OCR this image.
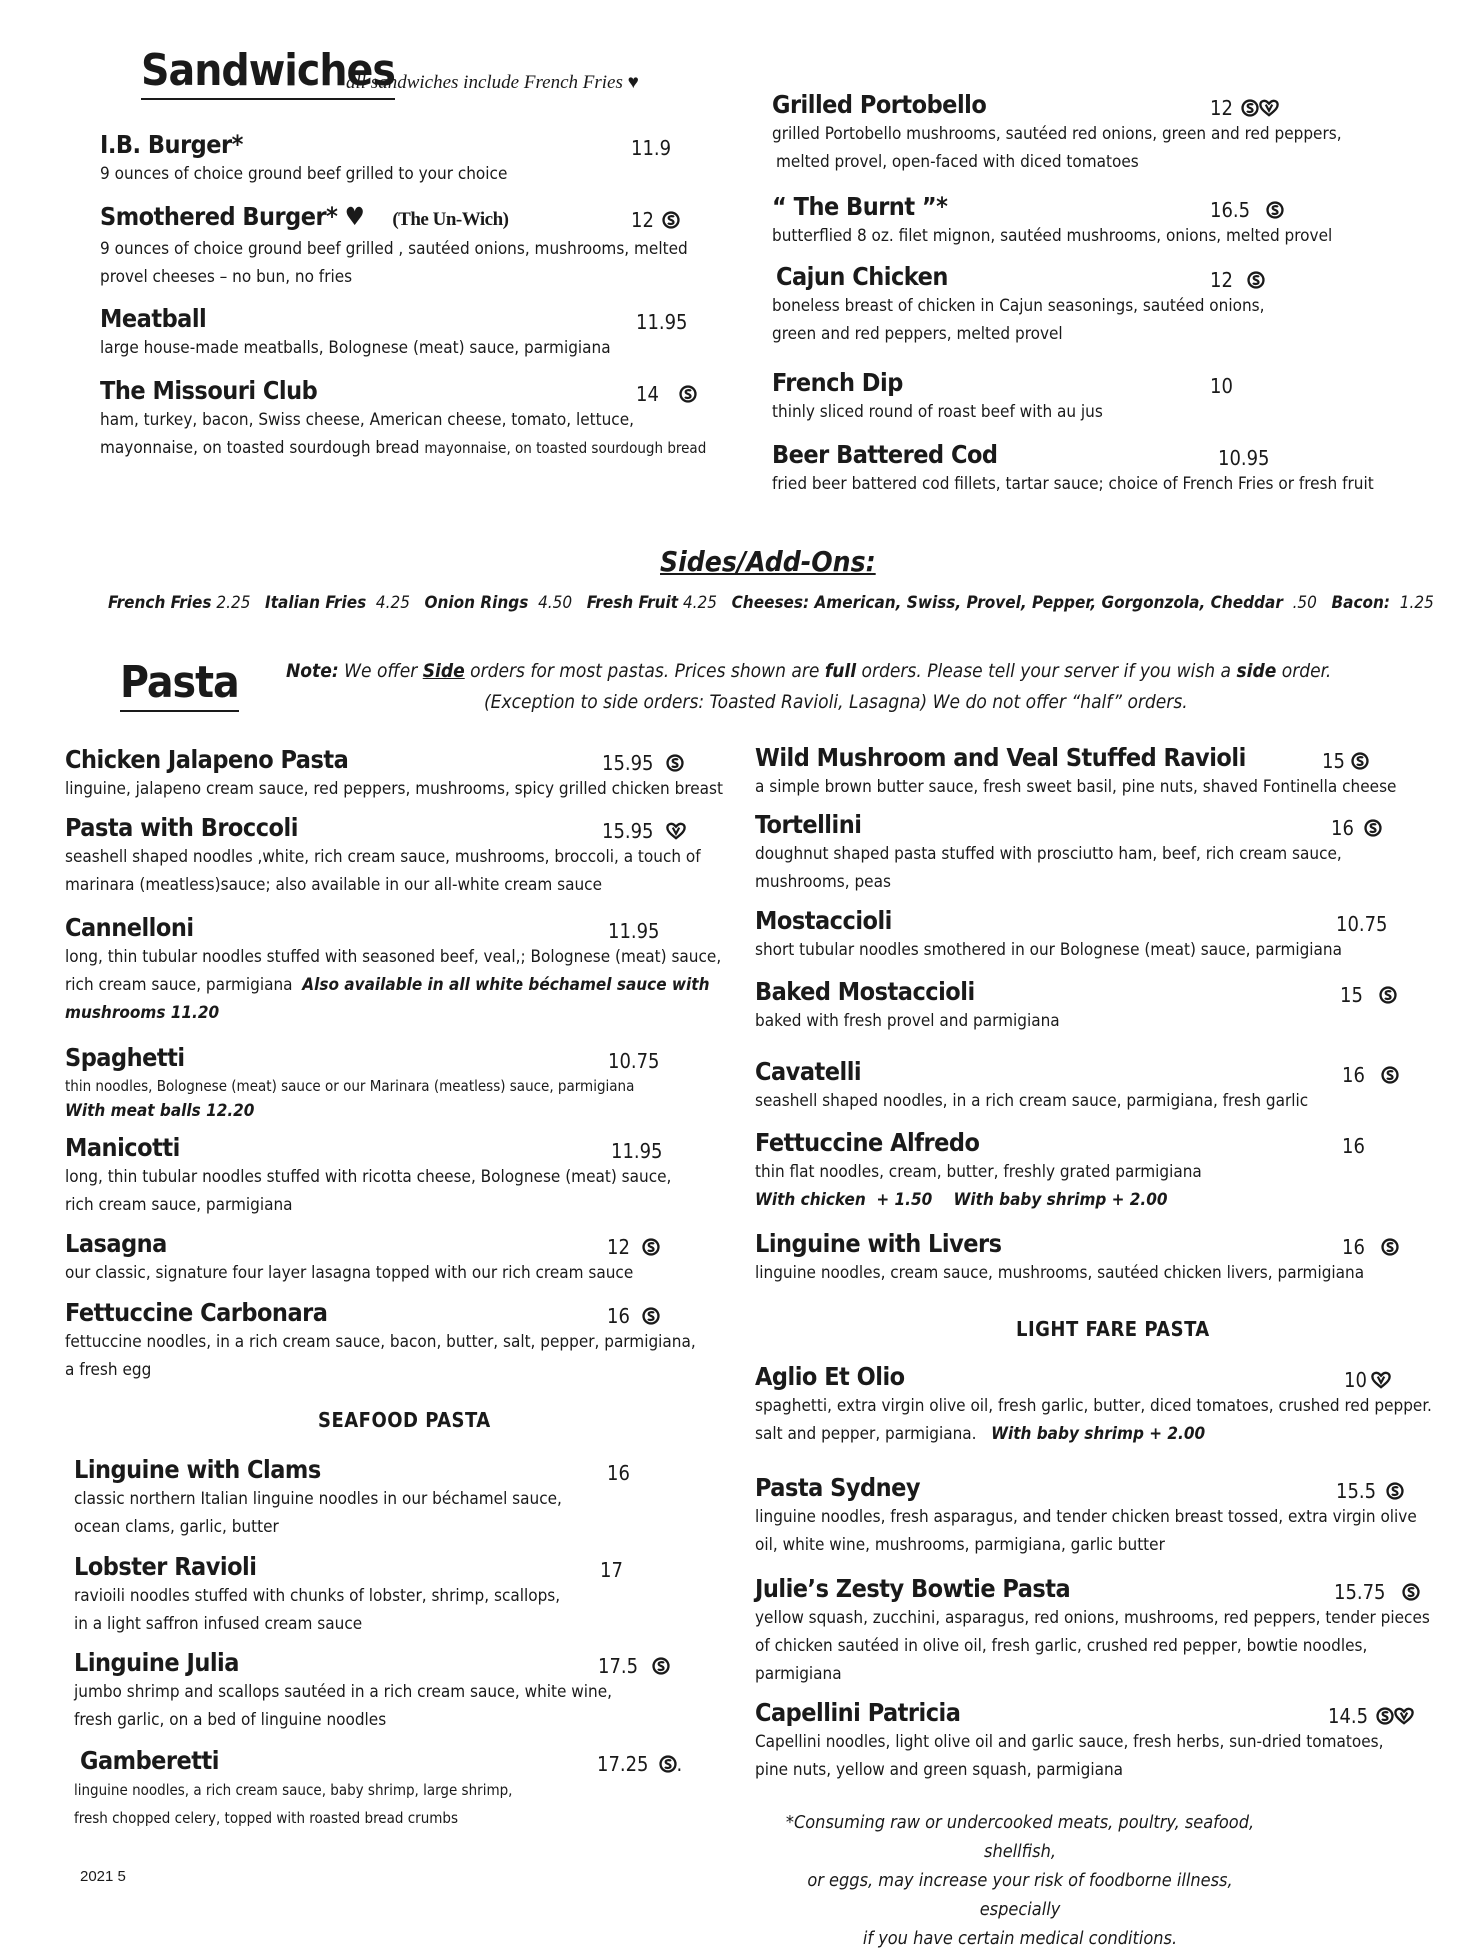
Sandwiches
all sandwiches include French Fries ♥
I.B. Burger*
9 ounces of choice ground beef grilled to your choice
11.9
Smothered Burger* ♥ (The Un-Wich)
9 ounces of choice ground beef grilled , sautéed onions, mushrooms, melted
provel cheeses – no bun, no fries
12
Meatball
large house-made meatballs, Bolognese (meat) sauce, parmigiana
11.95
The Missouri Club
ham, turkey, bacon, Swiss cheese, American cheese, tomato, lettuce,
mayonnaise, on toasted sourdough bread mayonnaise, on toasted sourdough bread
14
Grilled Portobello
grilled Portobello mushrooms, sautéed red onions, green and red peppers,
melted provel, open-faced with diced tomatoes
12
“ The Burnt ”*
butterflied 8 oz. filet mignon, sautéed mushrooms, onions, melted provel
16.5
Cajun Chicken
boneless breast of chicken in Cajun seasonings, sautéed onions,
green and red peppers, melted provel
12
French Dip
thinly sliced round of roast beef with au jus
10
Beer Battered Cod
fried beer battered cod fillets, tartar sauce; choice of French Fries or fresh fruit
10.95
Sides/Add-Ons:
French Fries 2.25 Italian Fries 4.25 Onion Rings 4.50 Fresh Fruit 4.25 Cheeses: American, Swiss, Provel, Pepper, Gorgonzola, Cheddar .50 Bacon: 1.25
Pasta Note: We offer Side orders for most pastas. Prices shown are full orders. Please tell your server if you wish a side order.
(Exception to side orders: Toasted Ravioli, Lasagna) We do not offer “half” orders.
Chicken Jalapeno Pasta
linguine, jalapeno cream sauce, red peppers, mushrooms, spicy grilled chicken breast
15.95
Pasta with Broccoli
seashell shaped noodles ,white, rich cream sauce, mushrooms, broccoli, a touch of
marinara (meatless)sauce; also available in our all-white cream sauce
15.95
Cannelloni
long, thin tubular noodles stuffed with seasoned beef, veal,; Bolognese (meat) sauce,
rich cream sauce, parmigiana Also available in all white béchamel sauce with
mushrooms 11.20
11.95
Spaghetti
thin noodles, Bolognese (meat) sauce or our Marinara (meatless) sauce, parmigiana
With meat balls 12.20
10.75
Manicotti
long, thin tubular noodles stuffed with ricotta cheese, Bolognese (meat) sauce,
rich cream sauce, parmigiana
11.95
Lasagna
our classic, signature four layer lasagna topped with our rich cream sauce
12
Fettuccine Carbonara
fettuccine noodles, in a rich cream sauce, bacon, butter, salt, pepper, parmigiana,
a fresh egg
16
SEAFOOD PASTA
Linguine with Clams
classic northern Italian linguine noodles in our béchamel sauce,
ocean clams, garlic, butter
16
Lobster Ravioli
ravioili noodles stuffed with chunks of lobster, shrimp, scallops,
in a light saffron infused cream sauce
17
Linguine Julia
jumbo shrimp and scallops sautéed in a rich cream sauce, white wine,
fresh garlic, on a bed of linguine noodles
17.5
Gamberetti
linguine noodles, a rich cream sauce, baby shrimp, large shrimp,
fresh chopped celery, topped with roasted bread crumbs
17.25 .
Wild Mushroom and Veal Stuffed Ravioli
a simple brown butter sauce, fresh sweet basil, pine nuts, shaved Fontinella cheese
15
Tortellini
doughnut shaped pasta stuffed with prosciutto ham, beef, rich cream sauce,
mushrooms, peas
16
Mostaccioli
short tubular noodles smothered in our Bolognese (meat) sauce, parmigiana
10.75
Baked Mostaccioli
baked with fresh provel and parmigiana
15
Cavatelli
seashell shaped noodles, in a rich cream sauce, parmigiana, fresh garlic
16
Fettuccine Alfredo
thin flat noodles, cream, butter, freshly grated parmigiana
With chicken  + 1.50    With baby shrimp + 2.00
16
Linguine with Livers
linguine noodles, cream sauce, mushrooms, sautéed chicken livers, parmigiana
16
LIGHT FARE PASTA
Aglio Et Olio
spaghetti, extra virgin olive oil, fresh garlic, butter, diced tomatoes, crushed red pepper.
salt and pepper, parmigiana. With baby shrimp + 2.00
10
Pasta Sydney
linguine noodles, fresh asparagus, and tender chicken breast tossed, extra virgin olive
oil, white wine, mushrooms, parmigiana, garlic butter
15.5
Julie’s Zesty Bowtie Pasta
yellow squash, zucchini, asparagus, red onions, mushrooms, red peppers, tender pieces
of chicken sautéed in olive oil, fresh garlic, crushed red pepper, bowtie noodles,
parmigiana
15.75
Capellini Patricia
Capellini noodles, light olive oil and garlic sauce, fresh herbs, sun-dried tomatoes,
pine nuts, yellow and green squash, parmigiana
14.5
*Consuming raw or undercooked meats, poultry, seafood, shellfish,
or eggs, may increase your risk of foodborne illness, especially
if you have certain medical conditions.
2021 5
